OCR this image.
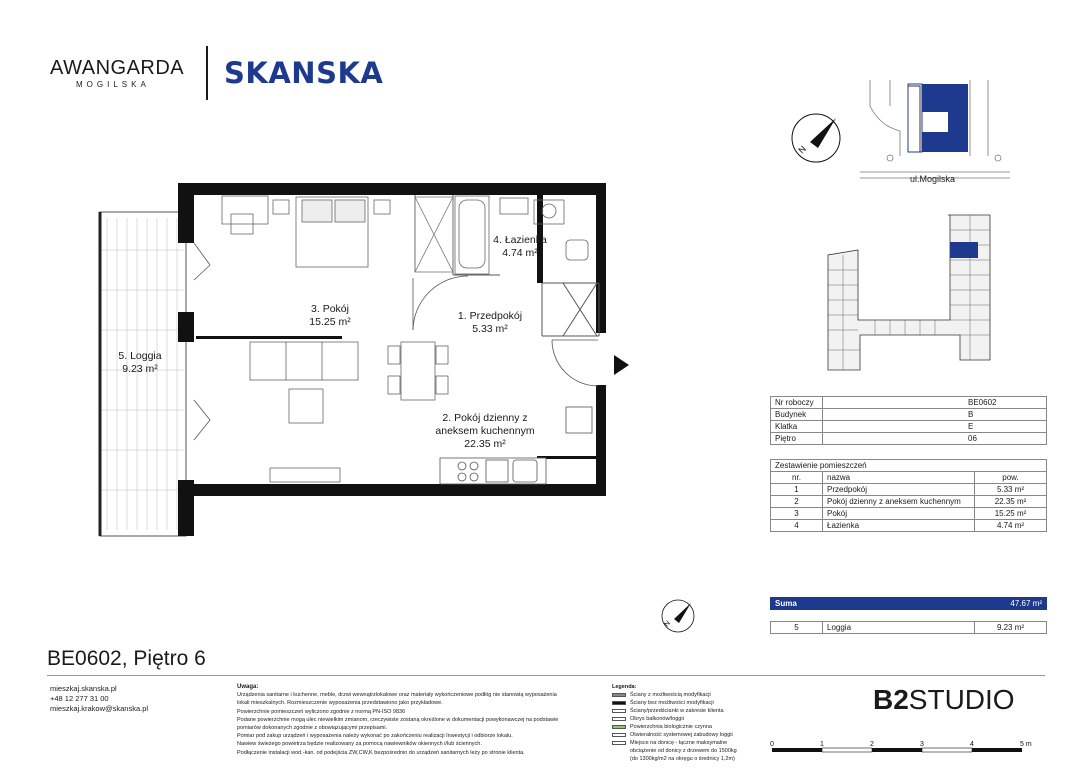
AWANGARDA
MOGILSKA	SKANSKA
4. Łazienka
4.74 m²
3. Pokój
15.25 m²	1. Przedpokój
5.33 m²
5. Loggia
9.23 m²
2. Pokój dzienny z
aneksem kuchennym
22.35 m²
N
ul.Mogilska
Nr roboczy	BE0602
Budynek	B
Klatka	E
Piętro	06
Zestawienie pomieszczeń		
nr.	nazwa	pow.
1	Przedpokój	5.33 m²
2	Pokój dzienny z aneksem kuchennym	22.35 m²
3	Pokój	15.25 m²
4	Łazienka	4.74 m²
Suma	47.67 m²
5	Loggia	9.23 m²
N
BE0602, Piętro 6
mieszkaj.skanska.pl
+48 12 277 31 00
mieszkaj.krakow@skanska.pl
Uwaga:
Urządzenia sanitarne i kuchenne, meble, drzwi wewnątrzlokalowe oraz materiały wykończeniowe podłóg nie stanowią wyposażenia
lokali mieszkalnych. Rozmieszczenie wyposażenia przedstawiono jako przykładowe.
Powierzchnie pomieszczeń wyliczono zgodnie z normą PN-ISO 9836
Podane powierzchnie mogą ulec niewielkim zmianom, rzeczywiste zostaną określone w dokumentacji powykonawczej na podstawie
pomiarów dokonanych zgodnie z obowiązującymi przepisami.
Pomiar pod zakup urządzeń i wyposażenia należy wykonać po zakończeniu realizacji Inwestycji i odbiorze lokalu.
Nawiew świeżego powietrza będzie realizowany za pomocą nawiewników okiennych i/lub ściennych.
Podłączenie instalacji wod.-kan. od podejścia ZW,CW,K bezpośrednio do urządzeń sanitarnych leży po stronie klienta.
Legenda:
Ściany z możliwością modyfikacji
Ściany bez możliwości modyfikacji
Ściany/przedścianki w zakresie klienta
Obrys balkonów/loggii
Powierzchnia biologicznie czynna
Otwieralność systemowej zabudowy loggii
Miejsce na donicę - łączne maksymalne
obciążenie od donicy z drzewem do 1500kg
(do 1300kg/m2 na okręgu o średnicy 1,2m)
B2STUDIO
0	1	2	3	4	5 m
